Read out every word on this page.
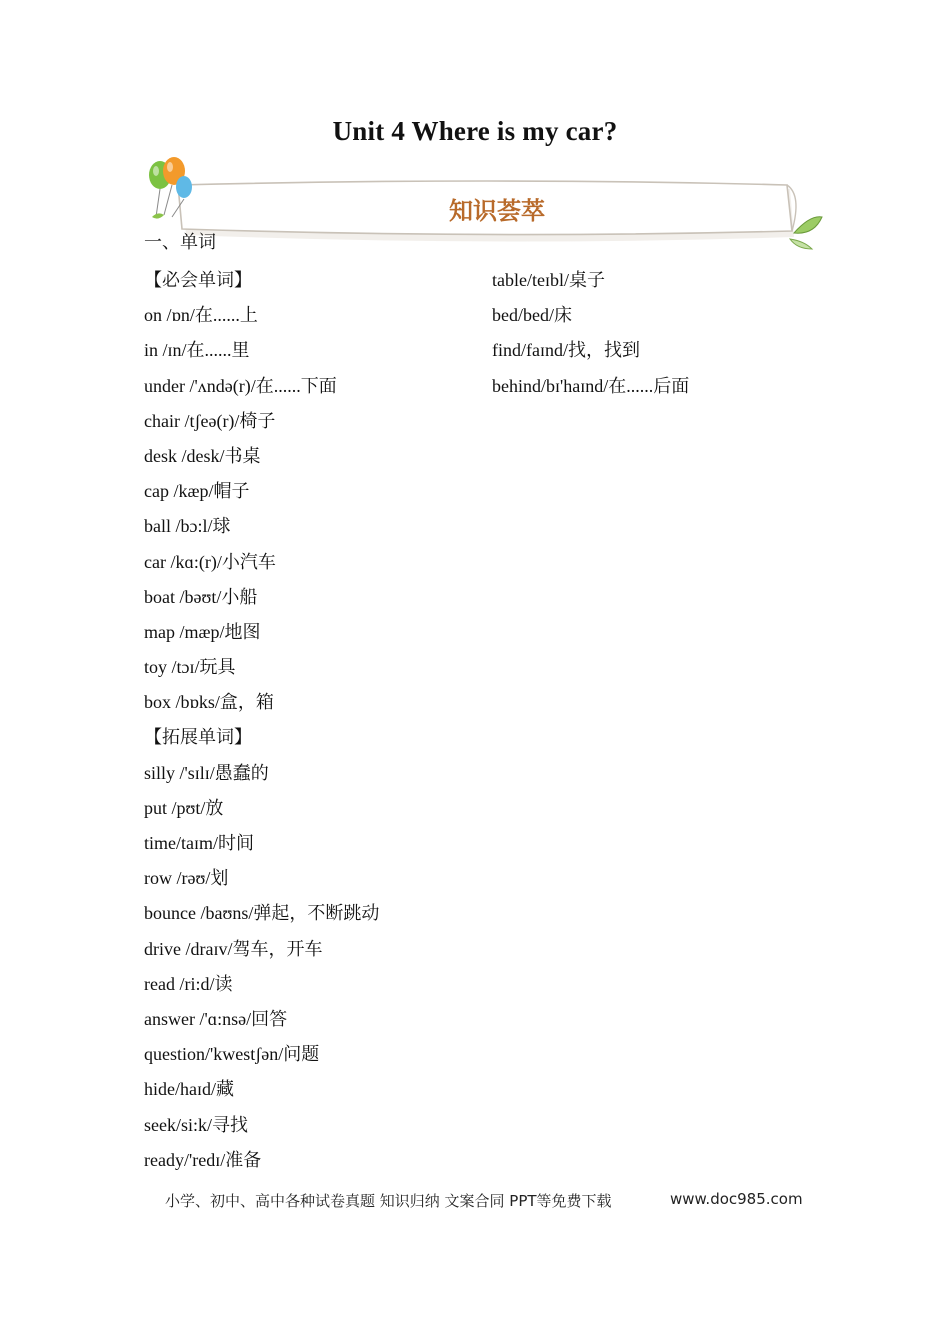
Unit 4 Where is my car?
知识荟萃
一、单词
【必会单词】
on /ɒn/在......上
in /ɪn/在......里
under /'ʌndə(r)/在......下面
chair /tʃeə(r)/椅子
desk /desk/书桌
cap /kæp/帽子
ball /bɔ:l/球
car /kɑ:(r)/小汽车
boat /bəʊt/小船
map /mæp/地图
toy /tɔɪ/玩具
box /bɒks/盒，箱
【拓展单词】
silly /'sɪlɪ/愚蠢的
put /pʊt/放
time/taɪm/时间
row /rəʊ/划
bounce /baʊns/弹起，不断跳动
drive /draɪv/驾车，开车
read /ri:d/读
answer /'ɑ:nsə/回答
question/'kwestʃən/问题
hide/haɪd/藏
seek/si:k/寻找
ready/'redɪ/准备
table/teɪbl/桌子
bed/bed/床
find/faɪnd/找，找到
behind/bɪ'haɪnd/在......后面
小学、初中、高中各种试卷真题 知识归纳 文案合同 PPT等免费下载	www.doc985.com
